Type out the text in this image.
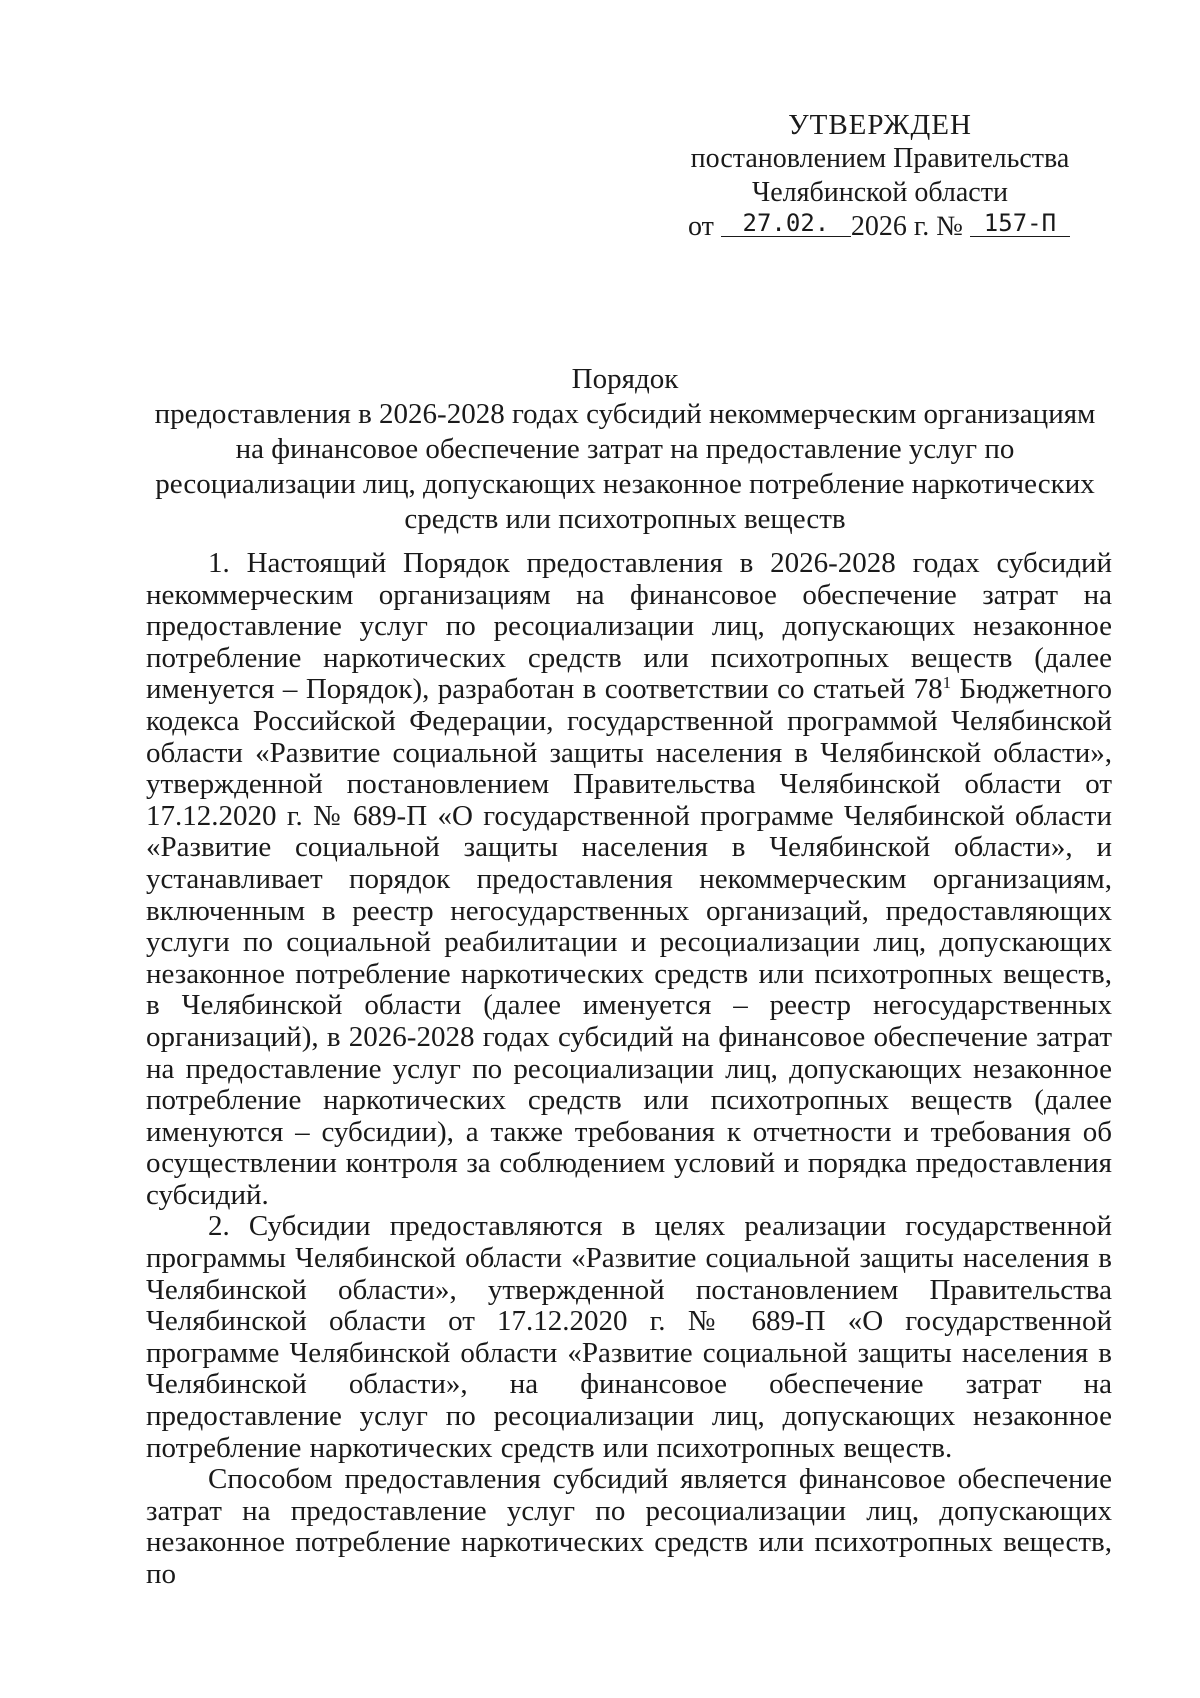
УТВЕРЖДЕН
постановлением Правительства
Челябинской области
от 27.02. 2026 г. № 157-П
Порядок
предоставления в 2026-2028 годах субсидий некоммерческим организациям на финансовое обеспечение затрат на предоставление услуг по ресоциализации лиц, допускающих незаконное потребление наркотических средств или психотропных веществ

1. Настоящий Порядок предоставления в 2026-2028 годах субсидий некоммерческим организациям на финансовое обеспечение затрат на предоставление услуг по ресоциализации лиц, допускающих незаконное потребление наркотических средств или психотропных веществ (далее именуется – Порядок), разработан в соответствии со статьей $78^1$ Бюджетного кодекса Российской Федерации, государственной программой Челябинской области «Развитие социальной защиты населения в Челябинской области», утвержденной постановлением Правительства Челябинской области от 17.12.2020 г. № 689-П «О государственной программе Челябинской области «Развитие социальной защиты населения в Челябинской области», и устанавливает порядок предоставления некоммерческим организациям, включенным в реестр негосударственных организаций, предоставляющих услуги по социальной реабилитации и ресоциализации лиц, допускающих незаконное потребление наркотических средств или психотропных веществ, в Челябинской области (далее именуется – реестр негосударственных организаций), в 2026-2028 годах субсидий на финансовое обеспечение затрат на предоставление услуг по ресоциализации лиц, допускающих незаконное потребление наркотических средств или психотропных веществ (далее именуются – субсидии), а также требования к отчетности и требования об осуществлении контроля за соблюдением условий и порядка предоставления субсидий.

2. Субсидии предоставляются в целях реализации государственной программы Челябинской области «Развитие социальной защиты населения в Челябинской области», утвержденной постановлением Правительства Челябинской области от 17.12.2020 г. № 689-П «О государственной программе Челябинской области «Развитие социальной защиты населения в Челябинской области», на финансовое обеспечение затрат на предоставление услуг по ресоциализации лиц, допускающих незаконное потребление наркотических средств или психотропных веществ.

Способом предоставления субсидий является финансовое обеспечение затрат на предоставление услуг по ресоциализации лиц, допускающих незаконное потребление наркотических средств или психотропных веществ, по
